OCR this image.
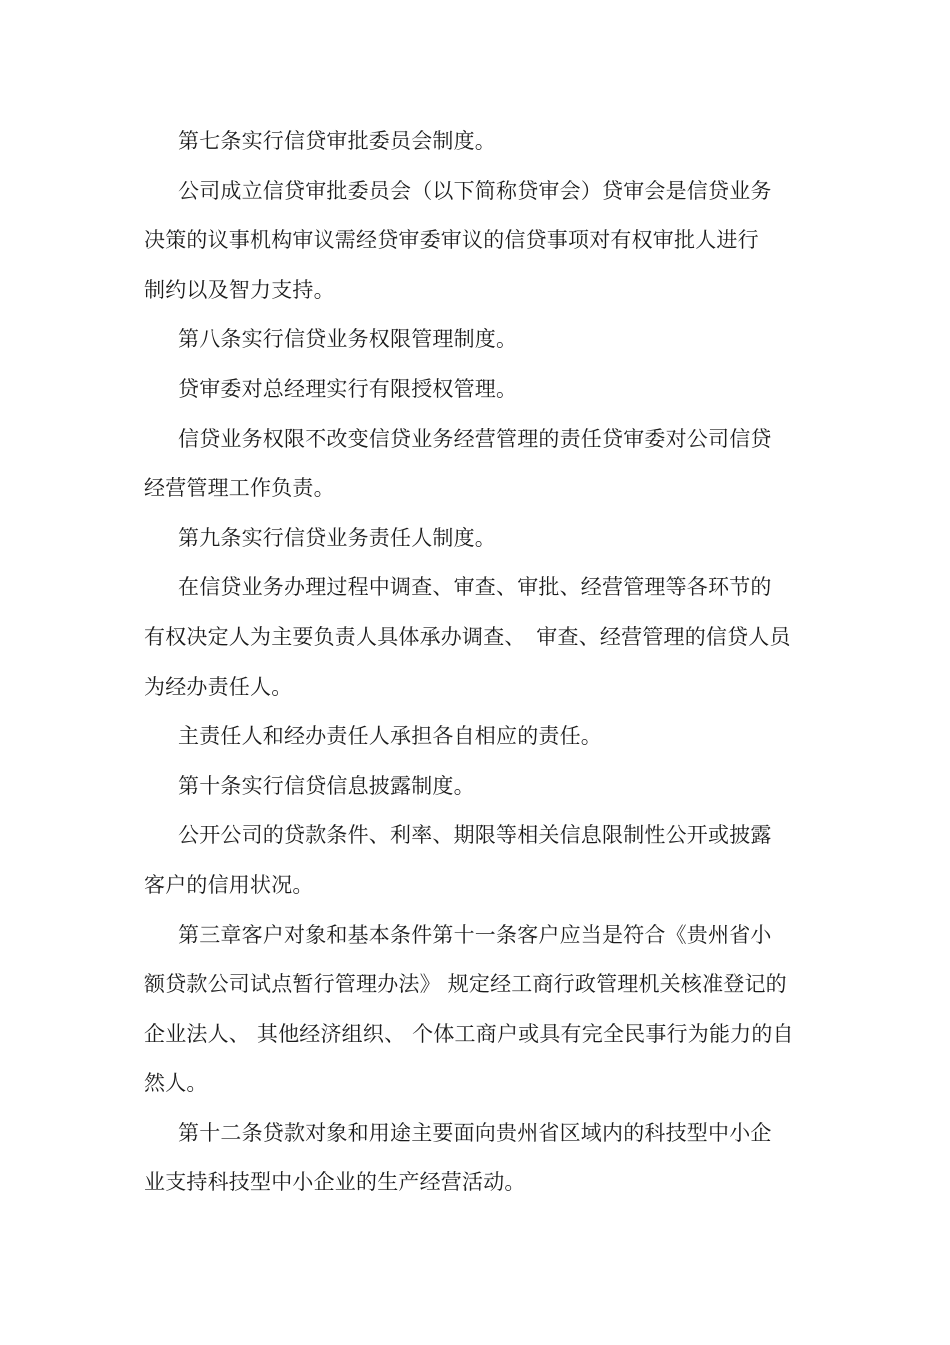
第七条实行信贷审批委员会制度。
公司成立信贷审批委员会（以下简称贷审会）贷审会是信贷业务
决策的议事机构审议需经贷审委审议的信贷事项对有权审批人进行
制约以及智力支持。
第八条实行信贷业务权限管理制度。
贷审委对总经理实行有限授权管理。
信贷业务权限不改变信贷业务经营管理的责任贷审委对公司信贷
经营管理工作负责。
第九条实行信贷业务责任人制度。
在信贷业务办理过程中调查、审查、审批、经营管理等各环节的
有权决定人为主要负责人具体承办调查、　审查、经营管理的信贷人员
为经办责任人。
主责任人和经办责任人承担各自相应的责任。
第十条实行信贷信息披露制度。
公开公司的贷款条件、利率、期限等相关信息限制性公开或披露
客户的信用状况。
第三章客户对象和基本条件第十一条客户应当是符合《贵州省小
额贷款公司试点暂行管理办法》 规定经工商行政管理机关核准登记的
企业法人、 其他经济组织、 个体工商户或具有完全民事行为能力的自
然人。
第十二条贷款对象和用途主要面向贵州省区域内的科技型中小企
业支持科技型中小企业的生产经营活动。
